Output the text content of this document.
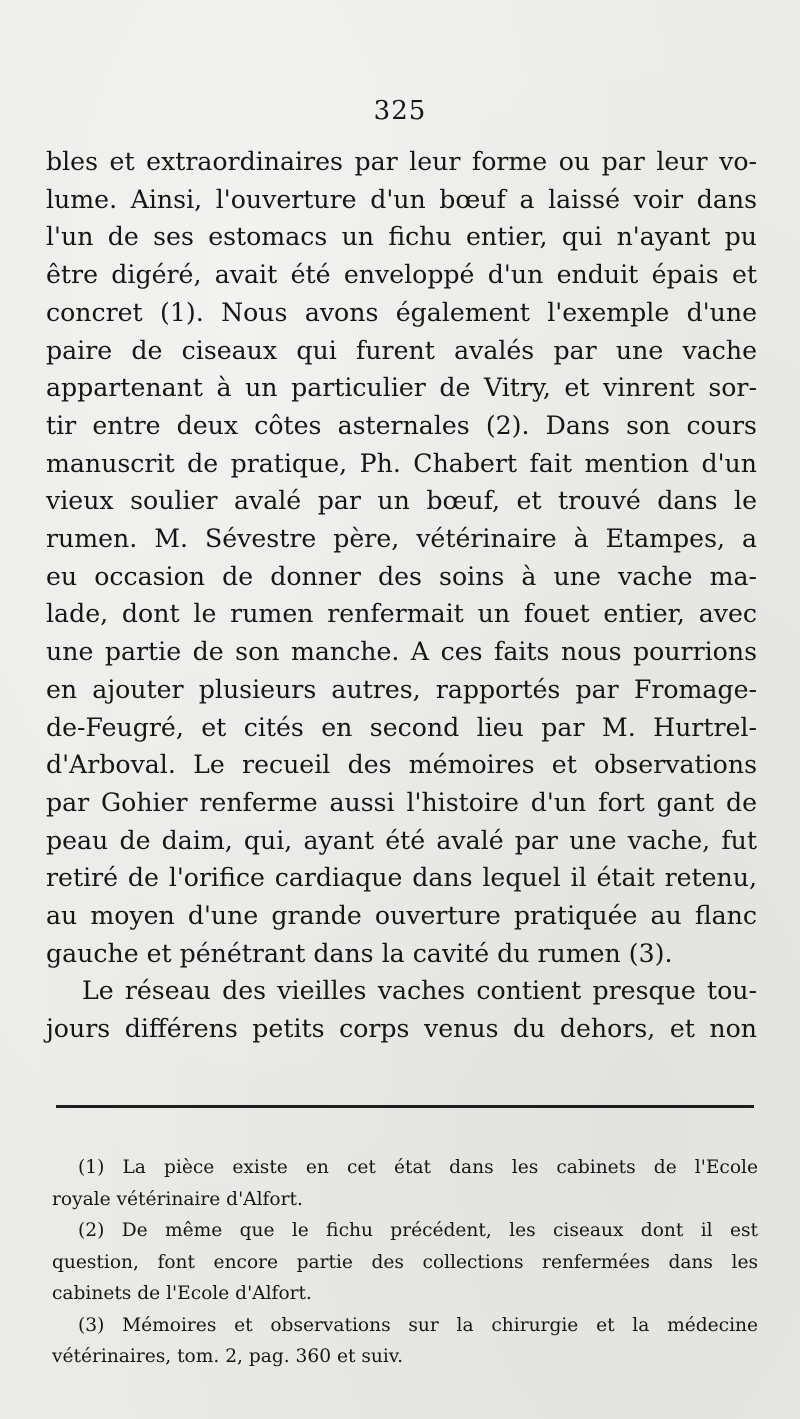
325
bles et extraordinaires par leur forme ou par leur vo-
lume. Ainsi, l'ouverture d'un bœuf a laissé voir dans
l'un de ses estomacs un fichu entier, qui n'ayant pu
être digéré, avait été enveloppé d'un enduit épais et
concret (1). Nous avons également l'exemple d'une
paire de ciseaux qui furent avalés par une vache
appartenant à un particulier de Vitry, et vinrent sor-
tir entre deux côtes asternales (2). Dans son cours
manuscrit de pratique, Ph. Chabert fait mention d'un
vieux soulier avalé par un bœuf, et trouvé dans le
rumen. M. Sévestre père, vétérinaire à Etampes, a
eu occasion de donner des soins à une vache ma-
lade, dont le rumen renfermait un fouet entier, avec
une partie de son manche. A ces faits nous pourrions
en ajouter plusieurs autres, rapportés par Fromage-
de-Feugré, et cités en second lieu par M. Hurtrel-
d'Arboval. Le recueil des mémoires et observations
par Gohier renferme aussi l'histoire d'un fort gant de
peau de daim, qui, ayant été avalé par une vache, fut
retiré de l'orifice cardiaque dans lequel il était retenu,
au moyen d'une grande ouverture pratiquée au flanc
gauche et pénétrant dans la cavité du rumen (3).
Le réseau des vieilles vaches contient presque tou-
jours différens petits corps venus du dehors, et non
(1) La pièce existe en cet état dans les cabinets de l'Ecole
royale vétérinaire d'Alfort.
(2) De même que le fichu précédent, les ciseaux dont il est
question, font encore partie des collections renfermées dans les
cabinets de l'Ecole d'Alfort.
(3) Mémoires et observations sur la chirurgie et la médecine
vétérinaires, tom. 2, pag. 360 et suiv.
